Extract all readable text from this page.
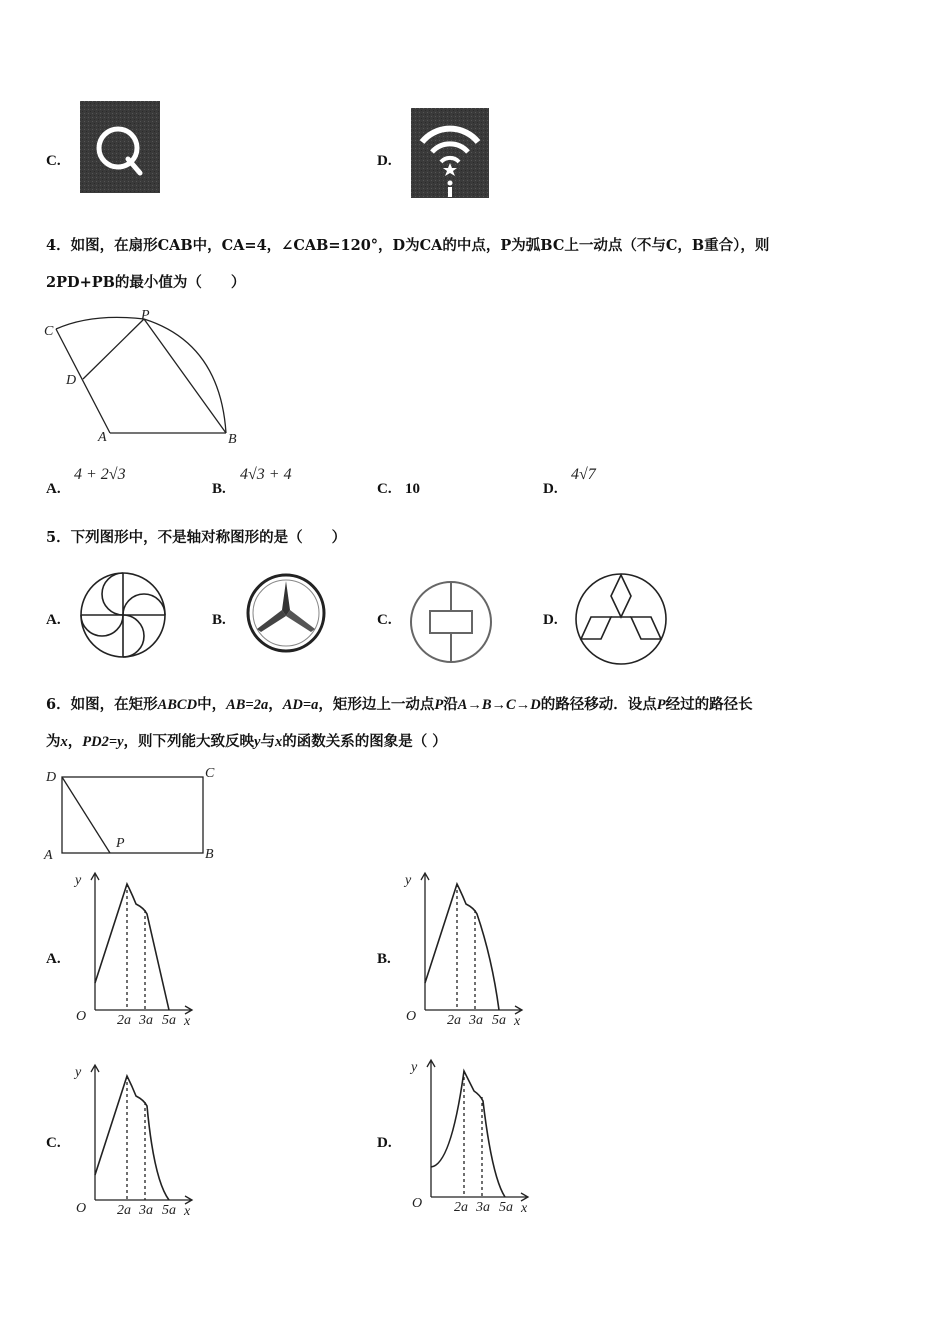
C.	D.
4．如图，在扇形CAB中，CA=4，∠CAB=120°，D为CA的中点，P为弧BC上一动点（不与C，B重合），则
2PD+PB的最小值为（　　）
C
P
D
A	B
A.
4 + 2√3
B.
4√3 + 4
C. 10	D.
4√7
5．下列图形中，不是轴对称图形的是（　　）
A.	B.	C.	D.
6．如图，在矩形ABCD中，AB=2a，AD=a，矩形边上一动点P沿A→B→C→D的路径移动．设点P经过的路径长
为x，PD2=y，则下列能大致反映y与x的函数关系的图象是（ ）
D	C
A	B
P
A.	B.
C.	D.
y
O 2a 3a 5a x
y
O 2a 3a 5a x
y
O 2a 3a 5a x
y
O 2a 3a 5a x
